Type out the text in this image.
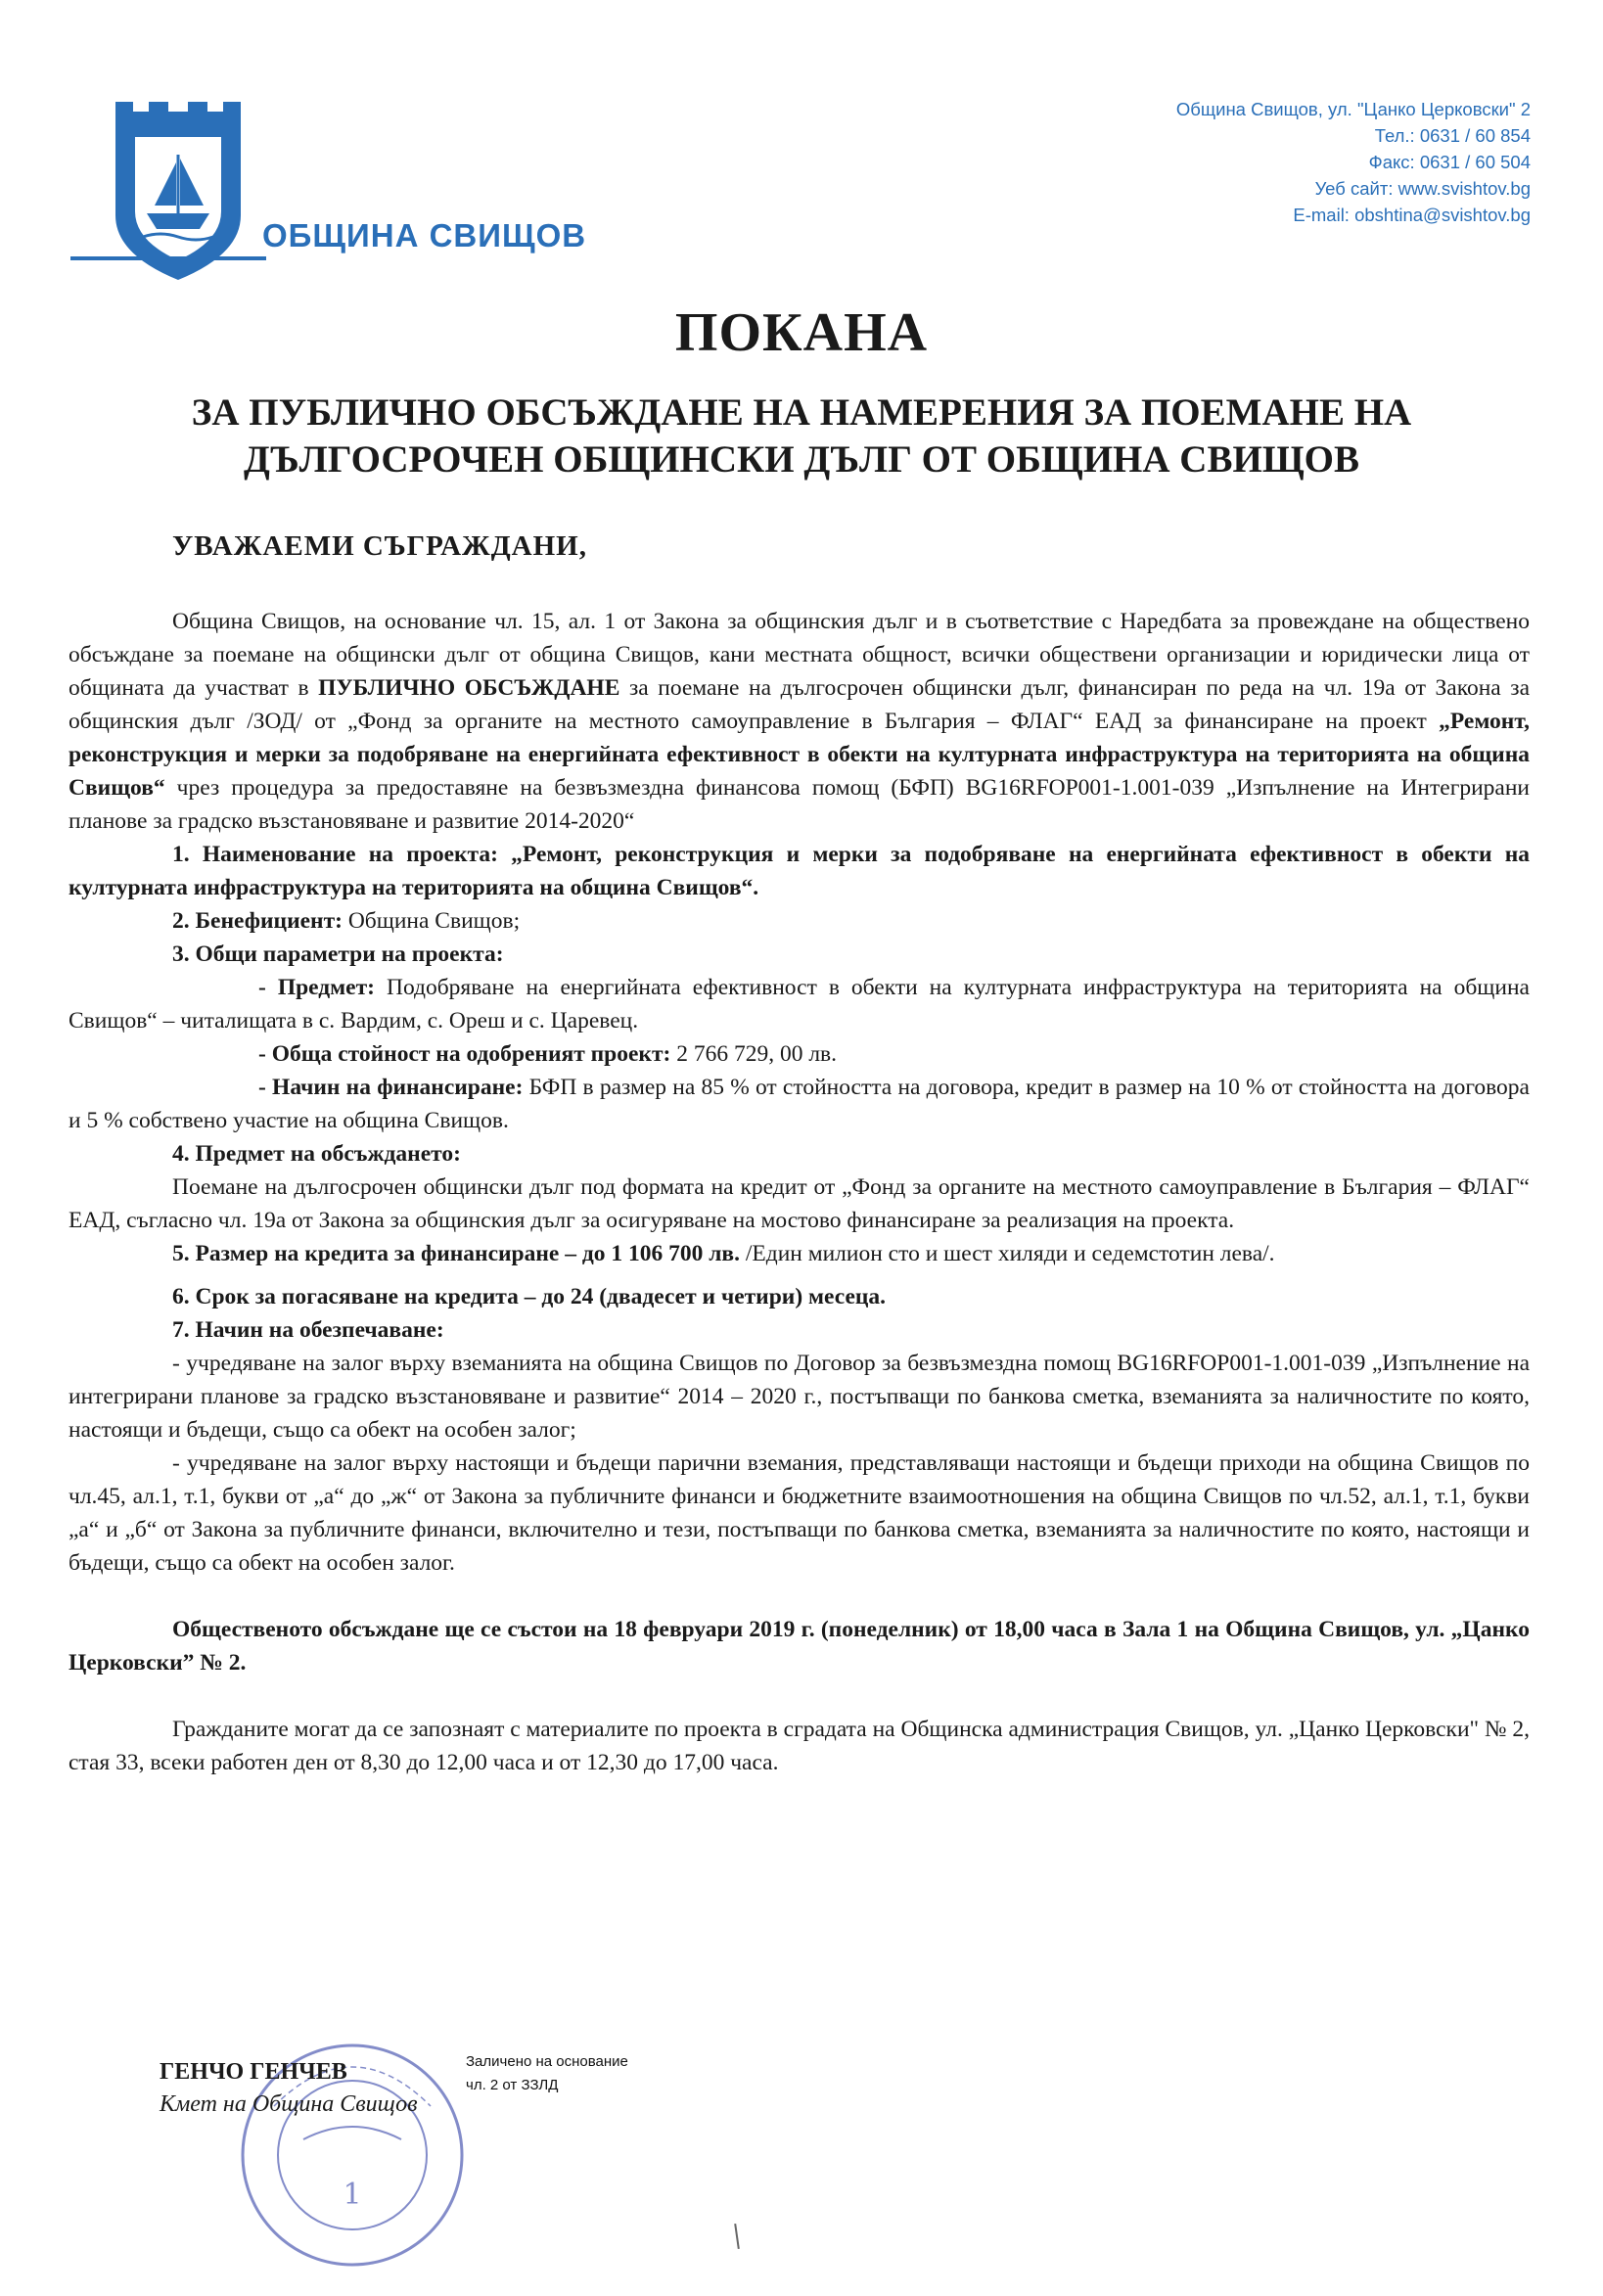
ОБЩИНА СВИЩОВ
Община Свищов, ул. "Цанко Церковски" 2
Тел.: 0631 / 60 854
Факс: 0631 / 60 504
Уеб сайт: www.svishtov.bg
E-mail: obshtina@svishtov.bg
ПОКАНА
ЗА ПУБЛИЧНО ОБСЪЖДАНЕ НА НАМЕРЕНИЯ ЗА ПОЕМАНЕ НА
ДЪЛГОСРОЧЕН ОБЩИНСКИ ДЪЛГ ОТ ОБЩИНА СВИЩОВ
УВАЖАЕМИ СЪГРАЖДАНИ,

Община Свищов, на основание чл. 15, ал. 1 от Закона за общинския дълг и в съответствие с Наредбата за провеждане на обществено обсъждане за поемане на общински дълг от община Свищов, кани местната общност, всички обществени организации и юридически лица от общината да участват в ПУБЛИЧНО ОБСЪЖДАНЕ за поемане на дългосрочен общински дълг, финансиран по реда на чл. 19а от Закона за общинския дълг /ЗОД/ от „Фонд за органите на местното самоуправление в България – ФЛАГ“ ЕАД за финансиране на проект „Ремонт, реконструкция и мерки за подобряване на енергийната ефективност в обекти на културната инфраструктура на територията на община Свищов“ чрез процедура за предоставяне на безвъзмездна финансова помощ (БФП) BG16RFOP001-1.001-039 „Изпълнение на Интегрирани планове за градско възстановяване и развитие 2014-2020“

1. Наименование на проекта: „Ремонт, реконструкция и мерки за подобряване на енергийната ефективност в обекти на културната инфраструктура на територията на община Свищов“.

2. Бенефициент: Община Свищов;

3. Общи параметри на проекта:

- Предмет: Подобряване на енергийната ефективност в обекти на културната инфраструктура на територията на община Свищов“ – читалищата в с. Вардим, с. Ореш и с. Царевец.

- Обща стойност на одобреният проект: 2 766 729, 00 лв.

- Начин на финансиране: БФП в размер на 85 % от стойността на договора, кредит в размер на 10 % от стойността на договора и 5 % собствено участие на община Свищов.

4. Предмет на обсъждането:

Поемане на дългосрочен общински дълг под формата на кредит от „Фонд за органите на местното самоуправление в България – ФЛАГ“ ЕАД, съгласно чл. 19а от Закона за общинския дълг за осигуряване на мостово финансиране за реализация на проекта.

5. Размер на кредита за финансиране – до 1 106 700 лв. /Един милион сто и шест хиляди и седемстотин лева/.

6. Срок за погасяване на кредита – до 24 (двадесет и четири) месеца.

7. Начин на обезпечаване:

- учредяване на залог върху вземанията на община Свищов по Договор за безвъзмездна помощ BG16RFOP001-1.001-039 „Изпълнение на интегрирани планове за градско възстановяване и развитие“ 2014 – 2020 г., постъпващи по банкова сметка, вземанията за наличностите по която, настоящи и бъдещи, също са обект на особен залог;

- учредяване на залог върху настоящи и бъдещи парични вземания, представляващи настоящи и бъдещи приходи на община Свищов по чл.45, ал.1, т.1, букви от „а“ до „ж“ от Закона за публичните финанси и бюджетните взаимоотношения на община Свищов по чл.52, ал.1, т.1, букви „а“ и „б“ от Закона за публичните финанси, включително и тези, постъпващи по банкова сметка, вземанията за наличностите по която, настоящи и бъдещи, също са обект на особен залог.

Общественото обсъждане ще се състои на 18 февруари 2019 г. (понеделник) от 18,00 часа в Зала 1 на Община Свищов, ул. „Цанко Церковски” № 2.

Гражданите могат да се запознаят с материалите по проекта в сградата на Общинска администрация Свищов, ул. „Цанко Церковски" № 2, стая 33, всеки работен ден от 8,30 до 12,00 часа и от 12,30 до 17,00 часа.

1
ГЕНЧО ГЕНЧЕВ
Кмет на Община Свищов
Заличено на основание
чл. 2 от ЗЗЛД
